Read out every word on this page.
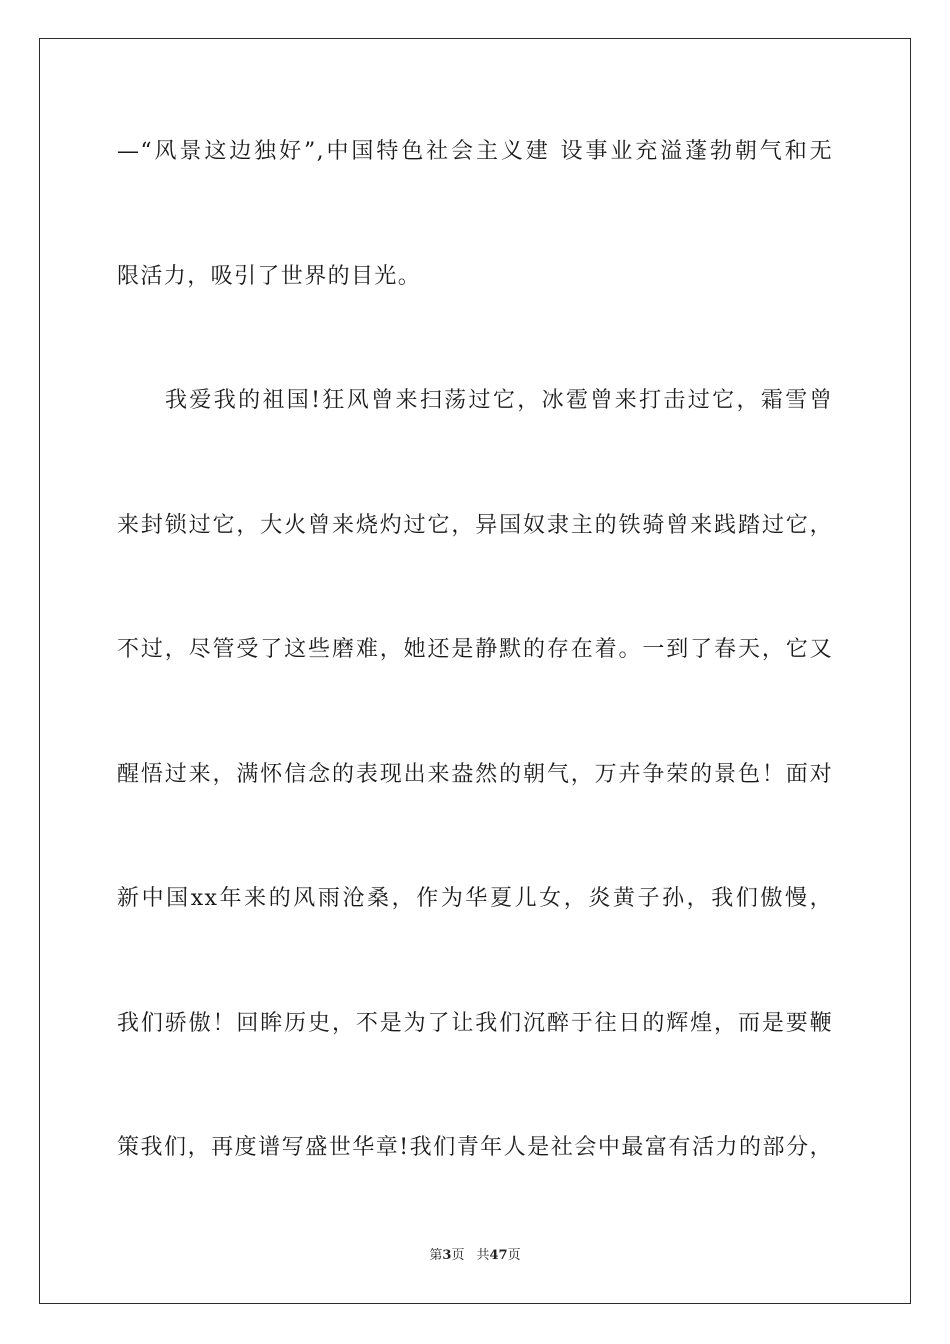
—“风景这边独好”,中国特色社会主义建 设事业充溢蓬勃朝气和无
限活力，吸引了世界的目光。
我爱我的祖国!狂风曾来扫荡过它，冰雹曾来打击过它，霜雪曾
来封锁过它，大火曾来烧灼过它，异国奴隶主的铁骑曾来践踏过它，
不过，尽管受了这些磨难，她还是静默的存在着。一到了春天，它又
醒悟过来，满怀信念的表现出来盎然的朝气，万卉争荣的景色！面对
新中国xx年来的风雨沧桑，作为华夏儿女，炎黄子孙，我们傲慢，
我们骄傲！回眸历史，不是为了让我们沉醉于往日的辉煌，而是要鞭
策我们，再度谱写盛世华章!我们青年人是社会中最富有活力的部分，
第3页 共47页
